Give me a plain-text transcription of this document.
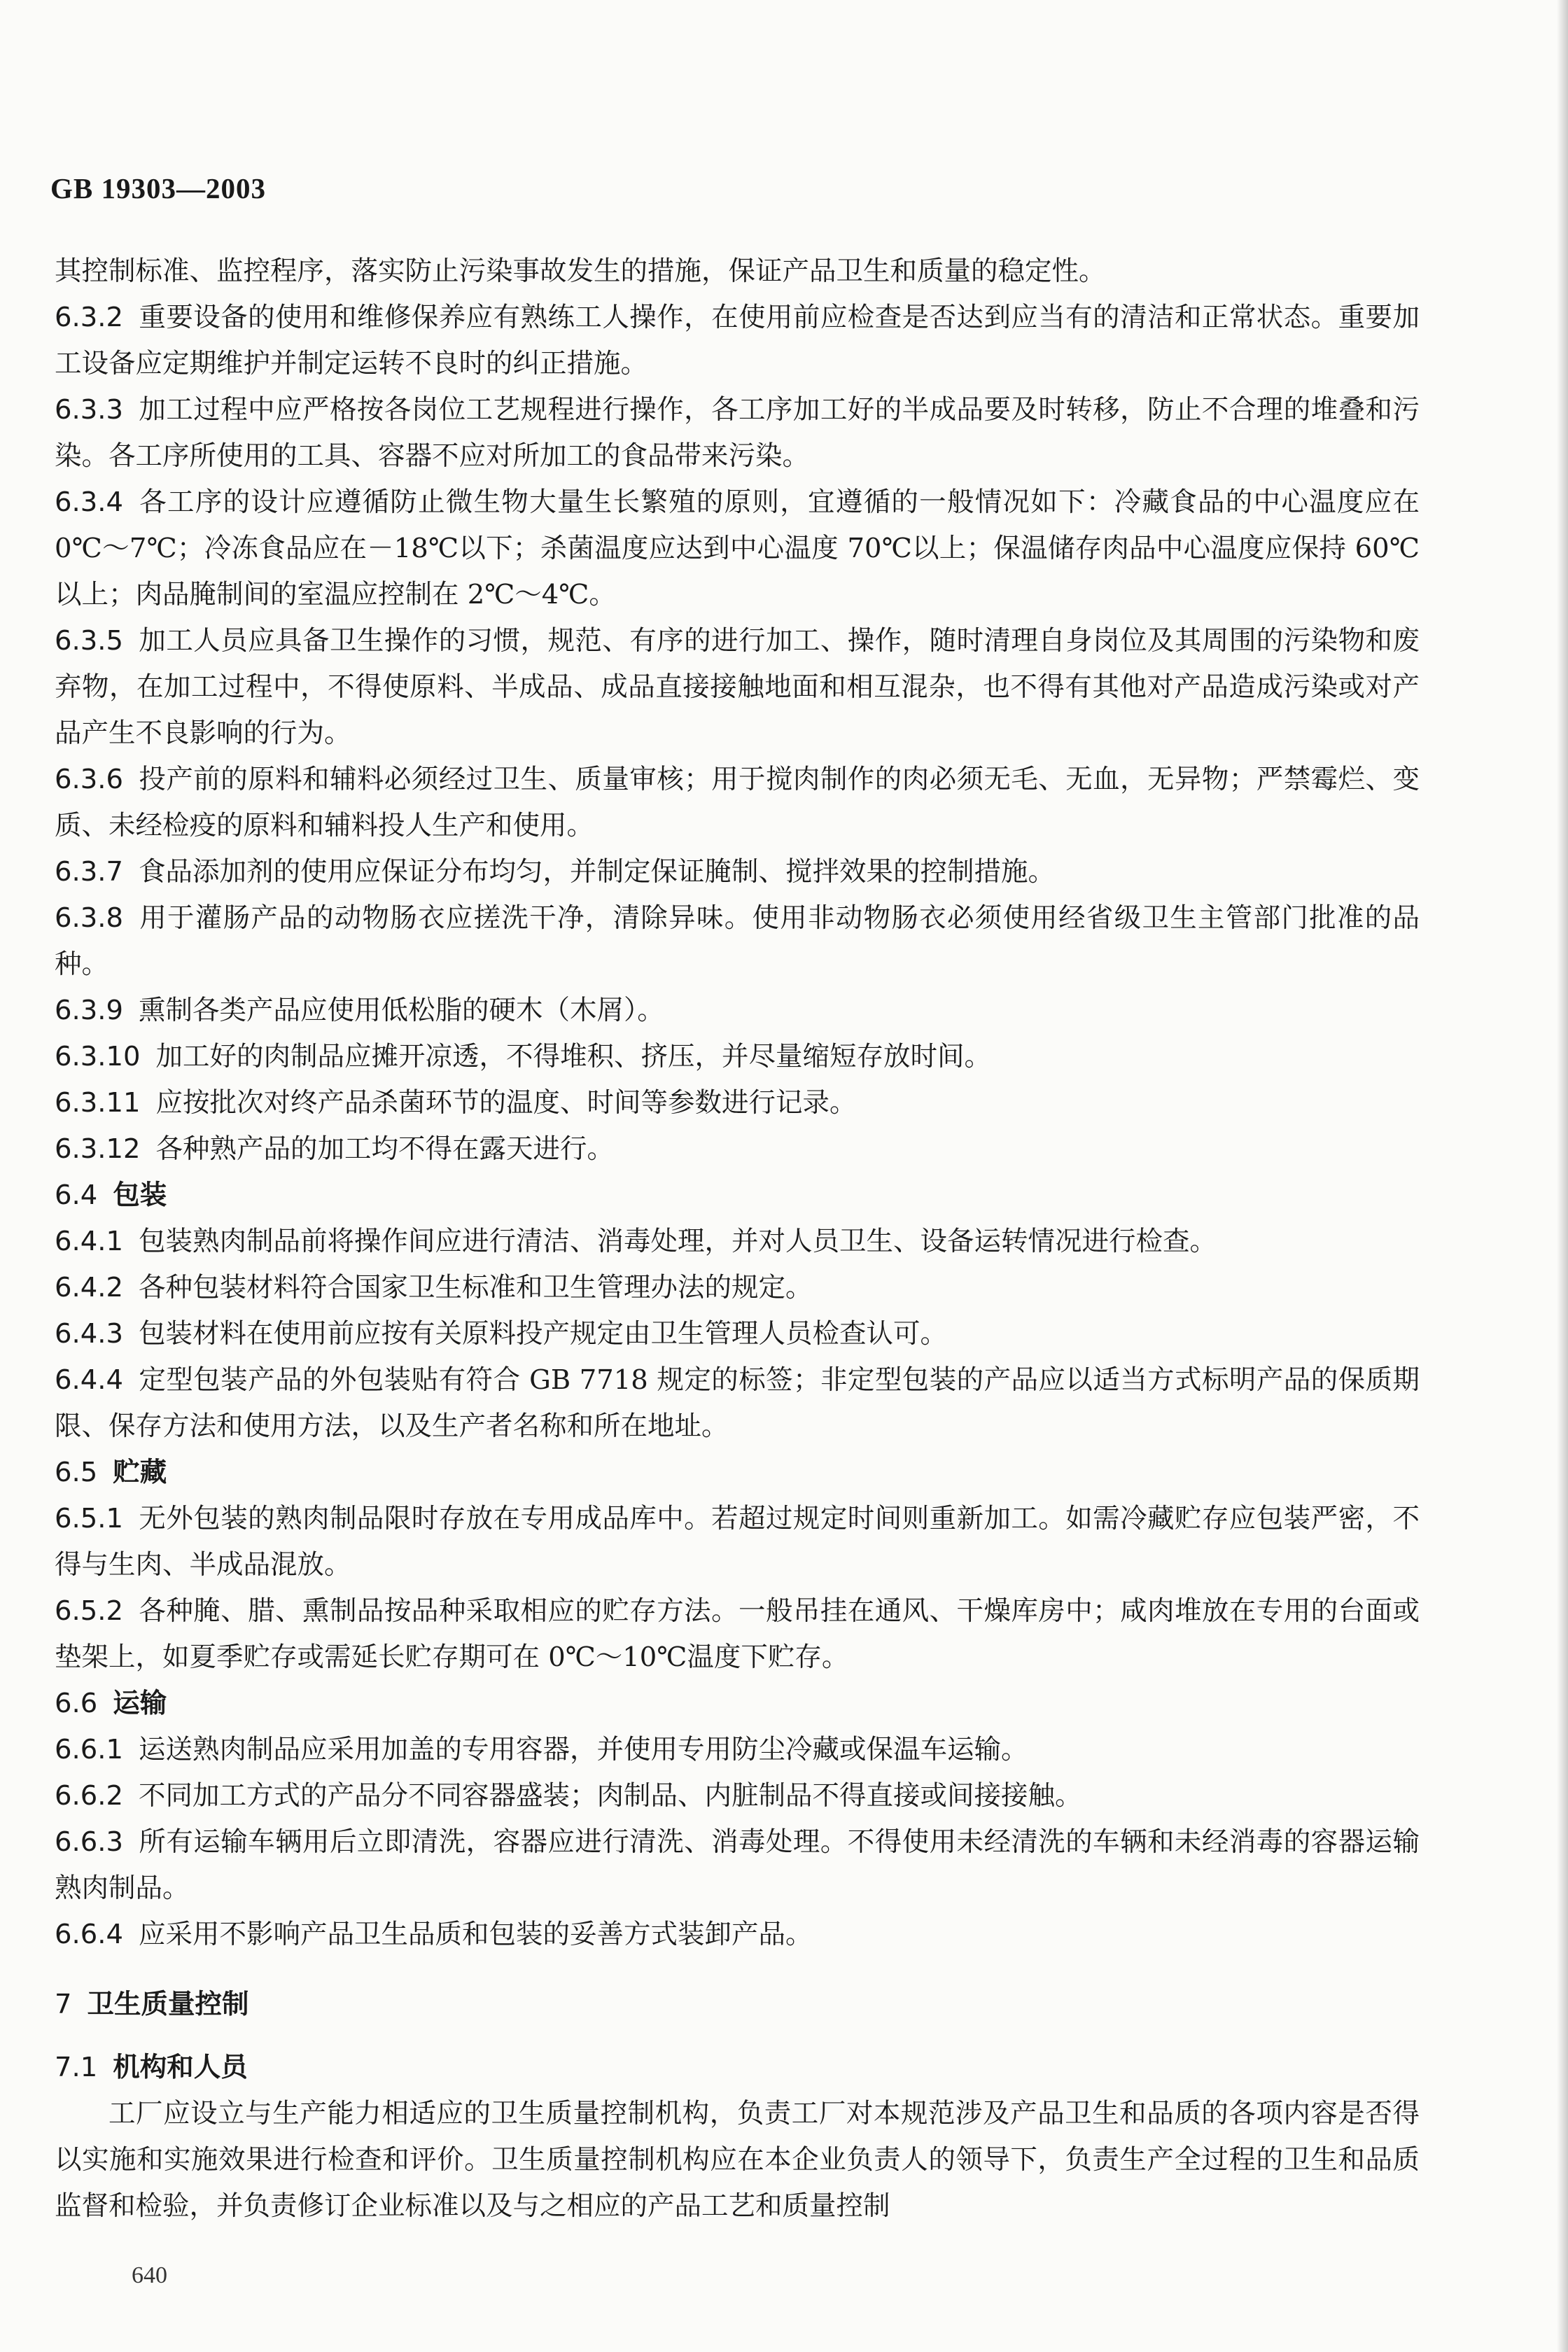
GB 19303—2003

其控制标准、监控程序，落实防止污染事故发生的措施，保证产品卫生和质量的稳定性。

6.3.2 重要设备的使用和维修保养应有熟练工人操作，在使用前应检查是否达到应当有的清洁和正常状态。重要加工设备应定期维护并制定运转不良时的纠正措施。

6.3.3 加工过程中应严格按各岗位工艺规程进行操作，各工序加工好的半成品要及时转移，防止不合理的堆叠和污染。各工序所使用的工具、容器不应对所加工的食品带来污染。

6.3.4 各工序的设计应遵循防止微生物大量生长繁殖的原则，宜遵循的一般情况如下：冷藏食品的中心温度应在 0℃～7℃；冷冻食品应在－18℃以下；杀菌温度应达到中心温度 70℃以上；保温储存肉品中心温度应保持 60℃以上；肉品腌制间的室温应控制在 2℃～4℃。

6.3.5 加工人员应具备卫生操作的习惯，规范、有序的进行加工、操作，随时清理自身岗位及其周围的污染物和废弃物，在加工过程中，不得使原料、半成品、成品直接接触地面和相互混杂，也不得有其他对产品造成污染或对产品产生不良影响的行为。

6.3.6 投产前的原料和辅料必须经过卫生、质量审核；用于搅肉制作的肉必须无毛、无血，无异物；严禁霉烂、变质、未经检疫的原料和辅料投人生产和使用。

6.3.7 食品添加剂的使用应保证分布均匀，并制定保证腌制、搅拌效果的控制措施。

6.3.8 用于灌肠产品的动物肠衣应搓洗干净，清除异味。使用非动物肠衣必须使用经省级卫生主管部门批准的品种。

6.3.9 熏制各类产品应使用低松脂的硬木（木屑）。

6.3.10 加工好的肉制品应摊开凉透，不得堆积、挤压，并尽量缩短存放时间。

6.3.11 应按批次对终产品杀菌环节的温度、时间等参数进行记录。

6.3.12 各种熟产品的加工均不得在露天进行。

6.4 包装

6.4.1 包装熟肉制品前将操作间应进行清洁、消毒处理，并对人员卫生、设备运转情况进行检查。

6.4.2 各种包装材料符合国家卫生标准和卫生管理办法的规定。

6.4.3 包装材料在使用前应按有关原料投产规定由卫生管理人员检查认可。

6.4.4 定型包装产品的外包装贴有符合 GB 7718 规定的标签；非定型包装的产品应以适当方式标明产品的保质期限、保存方法和使用方法，以及生产者名称和所在地址。

6.5 贮藏

6.5.1 无外包装的熟肉制品限时存放在专用成品库中。若超过规定时间则重新加工。如需冷藏贮存应包装严密，不得与生肉、半成品混放。

6.5.2 各种腌、腊、熏制品按品种采取相应的贮存方法。一般吊挂在通风、干燥库房中；咸肉堆放在专用的台面或垫架上，如夏季贮存或需延长贮存期可在 0℃～10℃温度下贮存。

6.6 运输

6.6.1 运送熟肉制品应采用加盖的专用容器，并使用专用防尘冷藏或保温车运输。

6.6.2 不同加工方式的产品分不同容器盛装；肉制品、内脏制品不得直接或间接接触。

6.6.3 所有运输车辆用后立即清洗，容器应进行清洗、消毒处理。不得使用未经清洗的车辆和未经消毒的容器运输熟肉制品。

6.6.4 应采用不影响产品卫生品质和包装的妥善方式装卸产品。

7 卫生质量控制

7.1 机构和人员

工厂应设立与生产能力相适应的卫生质量控制机构，负责工厂对本规范涉及产品卫生和品质的各项内容是否得以实施和实施效果进行检查和评价。卫生质量控制机构应在本企业负责人的领导下，负责生产全过程的卫生和品质监督和检验，并负责修订企业标准以及与之相应的产品工艺和质量控制

640
